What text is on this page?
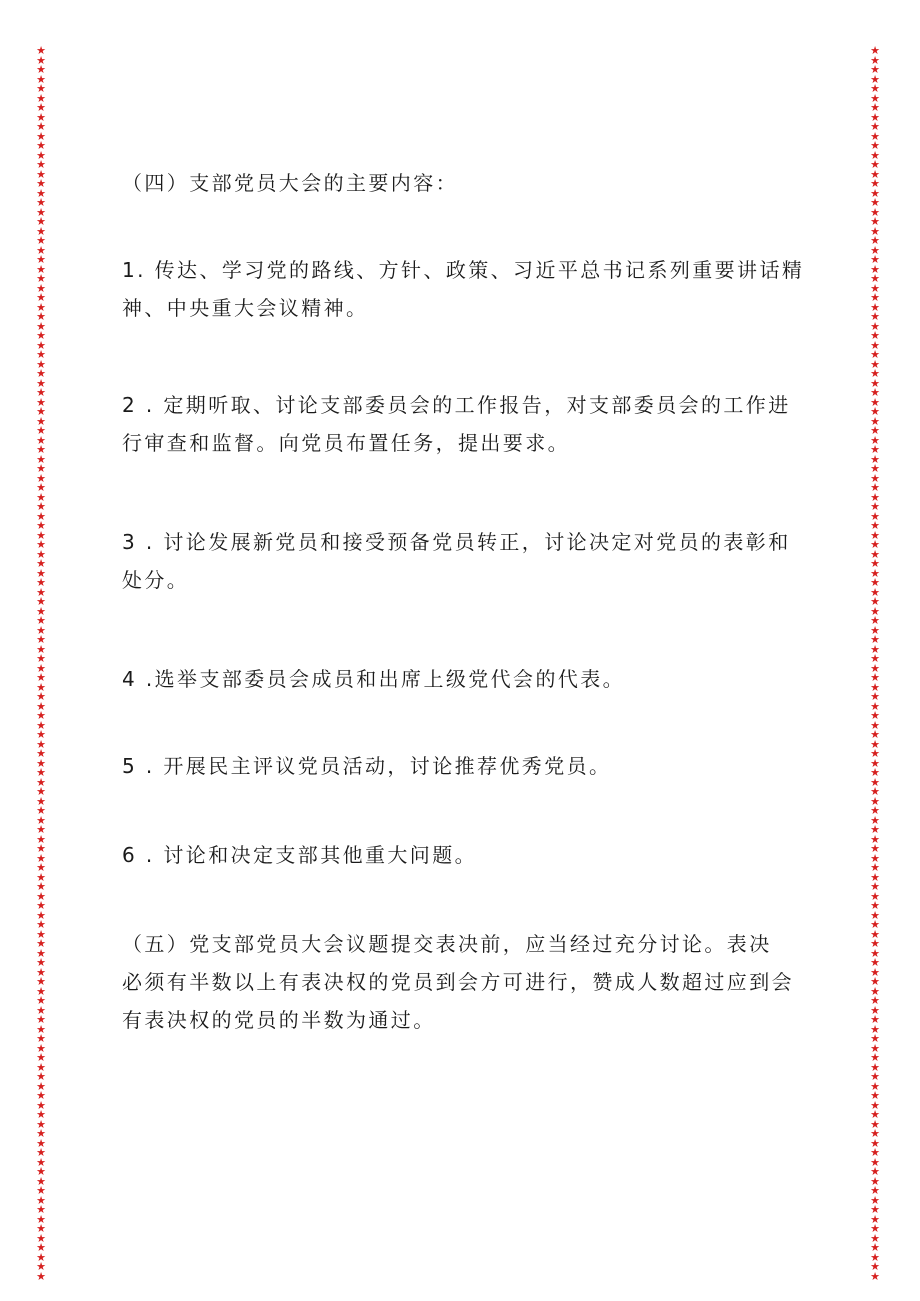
★★★★★★★★★★★★★★★★★★★★★★★★★★★★★★★★★★★★★★★★★★★★★★★★★★★★★★★★★★★★★★★★★★★★★★★★★★★★★★★★★★★★★★★★★★★★★★★★★★★★★★★★★★★★★★★★★★★★★★★★★★★★★★★★★★
★★★★★★★★★★★★★★★★★★★★★★★★★★★★★★★★★★★★★★★★★★★★★★★★★★★★★★★★★★★★★★★★★★★★★★★★★★★★★★★★★★★★★★★★★★★★★★★★★★★★★★★★★★★★★★★★★★★★★★★★★★★★★★★★★★
（四）支部党员大会的主要内容：
1. 传达、学习党的路线、方针、政策、习近平总书记系列重要讲话精
神、中央重大会议精神。
2 . 定期听取、讨论支部委员会的工作报告，对支部委员会的工作进
行审查和监督。向党员布置任务，提出要求。
3 . 讨论发展新党员和接受预备党员转正，讨论决定对党员的表彰和
处分。
4 .选举支部委员会成员和出席上级党代会的代表。
5 . 开展民主评议党员活动，讨论推荐优秀党员。
6 . 讨论和决定支部其他重大问题。
（五）党支部党员大会议题提交表决前，应当经过充分讨论。表决
必须有半数以上有表决权的党员到会方可进行，赞成人数超过应到会
有表决权的党员的半数为通过。
